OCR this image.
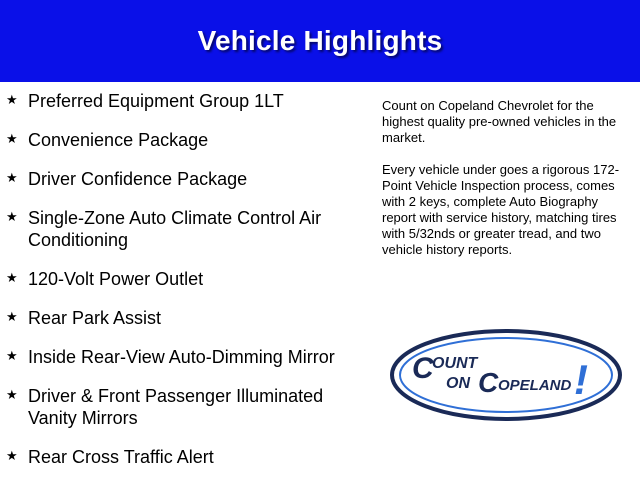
Vehicle Highlights
★ Preferred Equipment Group 1LT
★ Convenience Package
★ Driver Confidence Package
★ Single-Zone Auto Climate Control Air Conditioning
★ 120-Volt Power Outlet
★ Rear Park Assist
★ Inside Rear-View Auto-Dimming Mirror
★ Driver & Front Passenger Illuminated Vanity Mirrors
★ Rear Cross Traffic Alert

Count on Copeland Chevrolet for the highest quality pre-owned vehicles in the market.

Every vehicle under goes a rigorous 172-Point Vehicle Inspection process, comes with 2 keys, complete Auto Biography report with service history, matching tires with 5/32nds or greater tread, and two vehicle history reports.

C
OUNT
ON C OPELAND !
